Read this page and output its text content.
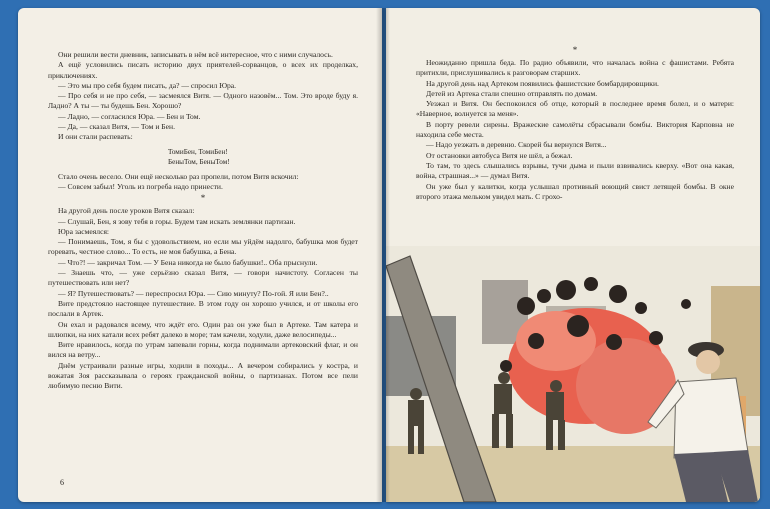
Они решили вести дневник, записывать в нём всё интересное, что с ними случалось.

А ещё условились писать историю двух приятелей-сорванцов, о всех их проделках, приключениях.

— Это мы про себя будем писать, да? — спросил Юра.

— Про себя и не про себя, — засмеялся Витя. — Одного назовём... Том. Это вроде буду я. Ладно? А ты — ты будешь Бен. Хорошо?

— Ладно, — согласился Юра. — Бен и Том.

— Да, — сказал Витя, — Том и Бен.

И они стали распевать:

ТомиБен, ТомиБен!
БеныТом, БеныТом!

Стало очень весело. Они ещё несколько раз пропели, потом Витя вскочил:

— Совсем забыл! Уголь из погреба надо принести.

*

На другой день после уроков Витя сказал:

— Слушай, Бен, я зову тебя в горы. Будем там искать землянки партизан.

Юра засмеялся:

— Понимаешь, Том, я бы с удовольствием, но если мы уйдём надолго, бабушка моя будет горевать, честное слово... То есть, не моя бабушка, а Бена.

— Что?! — закричал Том. — У Бена никогда не было бабушки!.. Оба прыснули.

— Знаешь что, — уже серьёзно сказал Витя, — говори начистоту. Согласен ты путешествовать или нет?

— Я? Путешествовать? — переспросил Юра. — Сию минуту? По-гой. Я или Бен?..

Вите предстояло настоящее путешествие. В этом году он хорошо учился, и от школы его послали в Артек.

Он ехал и радовался всему, что ждёт его. Один раз он уже был в Артеке. Там катера и шлюпки, на них катали всех ребят далеко в море; там качели, ходули, даже велосипеды...

Вите нравилось, когда по утрам запевали горны, когда поднимали артековский флаг, и он вился на ветру...

Днём устраивали разные игры, ходили в походы... А вечером собирались у костра, и вожатая Зоя рассказывала о героях гражданской войны, о партизанах. Потом все пели любимую песню Вити.

6
*

Неожиданно пришла беда. По радио объявили, что началась война с фашистами. Ребята притихли, прислушивались к разговорам старших.

На другой день над Артеком появились фашистские бомбардировщики.

Детей из Артека стали спешно отправлять по домам.

Уезжал и Витя. Он беспокоился об отце, который в последнее время болел, и о матери: «Наверное, волнуется за меня».

В порту ревели сирены. Вражеские самолёты сбрасывали бомбы. Виктория Карповна не находила себе места.

— Надо уезжать в деревню. Скорей бы вернулся Витя...

От остановки автобуса Витя не шёл, а бежал.

То там, то здесь слышались взрывы, тучи дыма и пыли взвивались кверху. «Вот она какая, война, страшная...» — думал Витя.

Он уже был у калитки, когда услышал противный воющий свист летящей бомбы. В окне второго этажа мельком увидел мать. С грохо-
